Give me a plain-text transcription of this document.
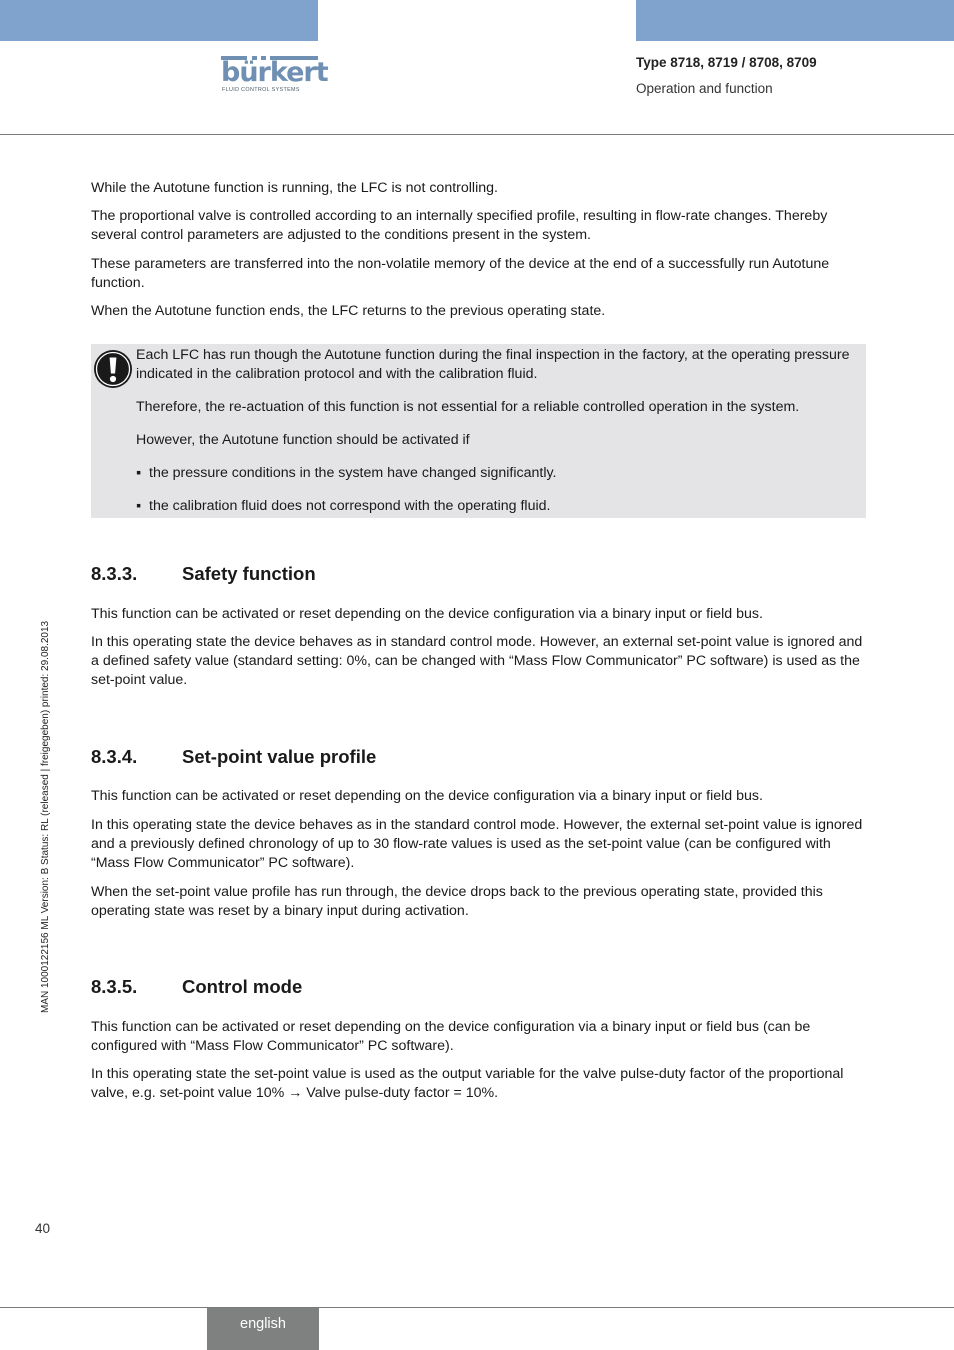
bürkert
FLUID CONTROL SYSTEMS
Type 8718, 8719 / 8708, 8709
Operation and function
MAN 1000122156 ML Version: B Status: RL (released | freigegeben) printed: 29.08.2013

While the Autotune function is running, the LFC is not controlling.

The proportional valve is controlled according to an internally specified profile, resulting in flow-rate changes. Thereby several control parameters are adjusted to the conditions present in the system.

These parameters are transferred into the non-volatile memory of the device at the end of a successfully run Autotune function.

When the Autotune function ends, the LFC returns to the previous operating state.

Each LFC has run though the Autotune function during the final inspection in the factory, at the operating pressure indicated in the calibration protocol and with the calibration fluid.

Therefore, the re-actuation of this function is not essential for a reliable controlled operation in the system.

However, the Autotune function should be activated if

▪ the pressure conditions in the system have changed significantly.
▪ the calibration fluid does not correspond with the operating fluid.
8.3.3. Safety function

This function can be activated or reset depending on the device configuration via a binary input or field bus.

In this operating state the device behaves as in standard control mode. However, an external set-point value is ignored and a defined safety value (standard setting: 0%, can be changed with “Mass Flow Communicator” PC software) is used as the set-point value.

8.3.4. Set-point value profile

This function can be activated or reset depending on the device configuration via a binary input or field bus.

In this operating state the device behaves as in the standard control mode. However, the external set-point value is ignored and a previously defined chronology of up to 30 flow-rate values is used as the set-point value (can be configured with “Mass Flow Communicator” PC software).

When the set-point value profile has run through, the device drops back to the previous operating state, provided this operating state was reset by a binary input during activation.

8.3.5. Control mode

This function can be activated or reset depending on the device configuration via a binary input or field bus (can be configured with “Mass Flow Communicator” PC software).

In this operating state the set-point value is used as the output variable for the valve pulse-duty factor of the proportional valve, e.g. set-point value 10% → Valve pulse-duty factor = 10%.

40
english
